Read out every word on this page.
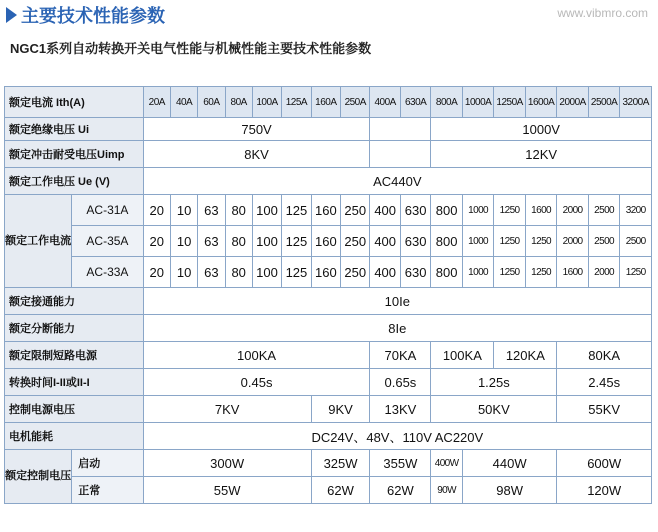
主要技术性能参数	www.vibmro.com
NGC1系列自动转换开关电气性能与机械性能主要技术性能参数
额定电流 Ith(A)		20A	40A	60A	80A	100A	125A	160A	250A	400A	630A	800A	1000A	1250A	1600A	2000A	2500A	3200A
额定绝缘电压 Ui		750V										1000V						
额定冲击耐受电压Uimp		8KV										12KV						
额定工作电压 Ue (V)		AC440V																
额定工作电流	AC-31A	20	10	63	80	100	125	160	250	400	630	800	1000	1250	1600	2000	2500	3200
	AC-35A	20	10	63	80	100	125	160	250	400	630	800	1000	1250	1250	2000	2500	2500
	AC-33A	20	10	63	80	100	125	160	250	400	630	800	1000	1250	1250	1600	2000	1250
额定接通能力		10Ie																
额定分断能力		8Ie																
额定限制短路电源		100KA								70KA		100KA		120KA		80KA		
转换时间I-II或II-I		0.45s								0.65s		1.25s				2.45s		
控制电源电压		7KV						9KV		13KV		50KV				55KV		
电机能耗		DC24V、48V、110V AC220V																
额定控制电压	启动	300W						325W		355W		400W	440W			600W		
	正常	55W						62W		62W		90W	98W			120W		
